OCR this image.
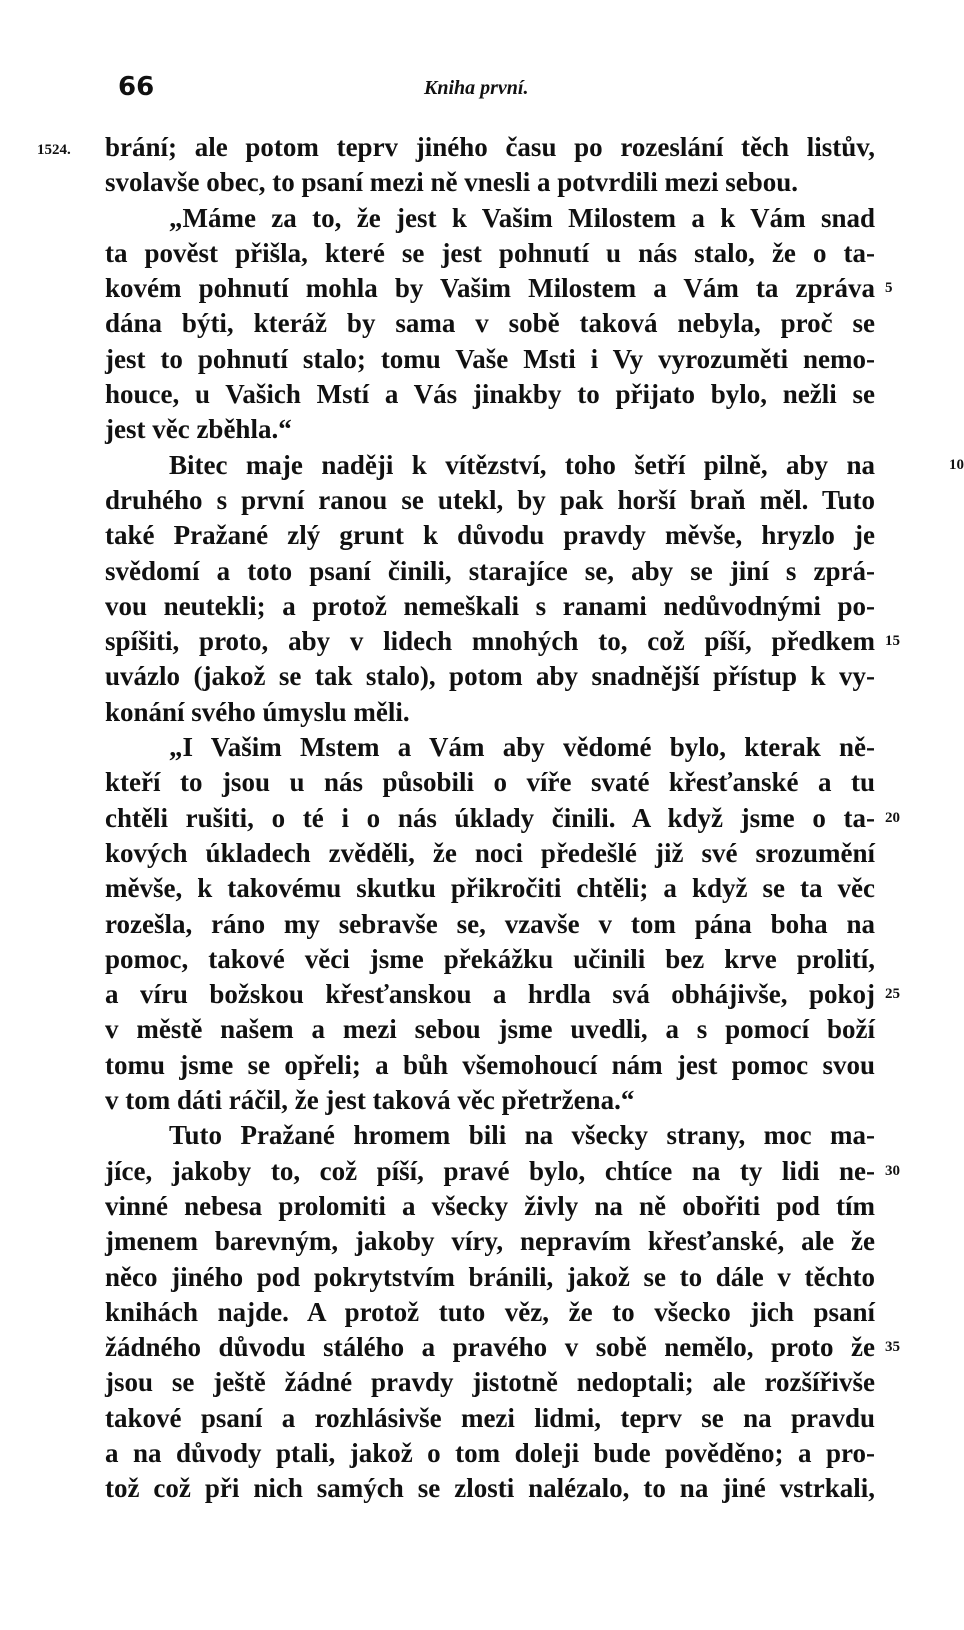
66	Kniha první.
1524. brání; ale potom teprv jiného času po rozeslání těch listův,
svolavše obec, to psaní mezi ně vnesli a potvrdili mezi sebou.
„Máme za to, že jest k Vašim Milostem a k Vám snad
ta pověst přišla, které se jest pohnutí u nás stalo, že o ta-
kovém pohnutí mohla by Vašim Milostem a Vám ta zpráva 5
dána býti, kteráž by sama v sobě taková nebyla, proč se
jest to pohnutí stalo; tomu Vaše Msti i Vy vyrozuměti nemo-
houce, u Vašich Mstí a Vás jinakby to přijato bylo, nežli se
jest věc zběhla.“
Bitec maje naději k vítězství, toho šetří pilně, aby na	10
druhého s první ranou se utekl, by pak horší braň měl. Tuto
také Pražané zlý grunt k důvodu pravdy měvše, hryzlo je
svědomí a toto psaní činili, starajíce se, aby se jiní s zprá-
vou neutekli; a protož nemeškali s ranami nedůvodnými po-
spíšiti, proto, aby v lidech mnohých to, což píší, předkem 15
uvázlo (jakož se tak stalo), potom aby snadnější přístup k vy-
konání svého úmyslu měli.
„I Vašim Mstem a Vám aby vědomé bylo, kterak ně-
kteří to jsou u nás působili o víře svaté křesťanské a tu
chtěli rušiti, o té i o nás úklady činili. A když jsme o ta- 20
kových úkladech zvěděli, že noci předešlé již své srozumění
měvše, k takovému skutku přikročiti chtěli; a když se ta věc
rozešla, ráno my sebravše se, vzavše v tom pána boha na
pomoc, takové věci jsme překážku učinili bez krve prolití,
a víru božskou křesťanskou a hrdla svá obhájivše, pokoj 25
v městě našem a mezi sebou jsme uvedli, a s pomocí boží
tomu jsme se opřeli; a bůh všemohoucí nám jest pomoc svou
v tom dáti ráčil, že jest taková věc přetržena.“
Tuto Pražané hromem bili na všecky strany, moc ma-
jíce, jakoby to, což píší, pravé bylo, chtíce na ty lidi ne- 30
vinné nebesa prolomiti a všecky živly na ně obořiti pod tím
jmenem barevným, jakoby víry, nepravím křesťanské, ale že
něco jiného pod pokrytstvím bránili, jakož se to dále v těchto
knihách najde. A protož tuto věz, že to všecko jich psaní
žádného důvodu stálého a pravého v sobě nemělo, proto že 35
jsou se ještě žádné pravdy jistotně nedoptali; ale rozšířivše
takové psaní a rozhlásivše mezi lidmi, teprv se na pravdu
a na důvody ptali, jakož o tom doleji bude pověděno; a pro-
tož což při nich samých se zlosti nalézalo, to na jiné vstrkali,
